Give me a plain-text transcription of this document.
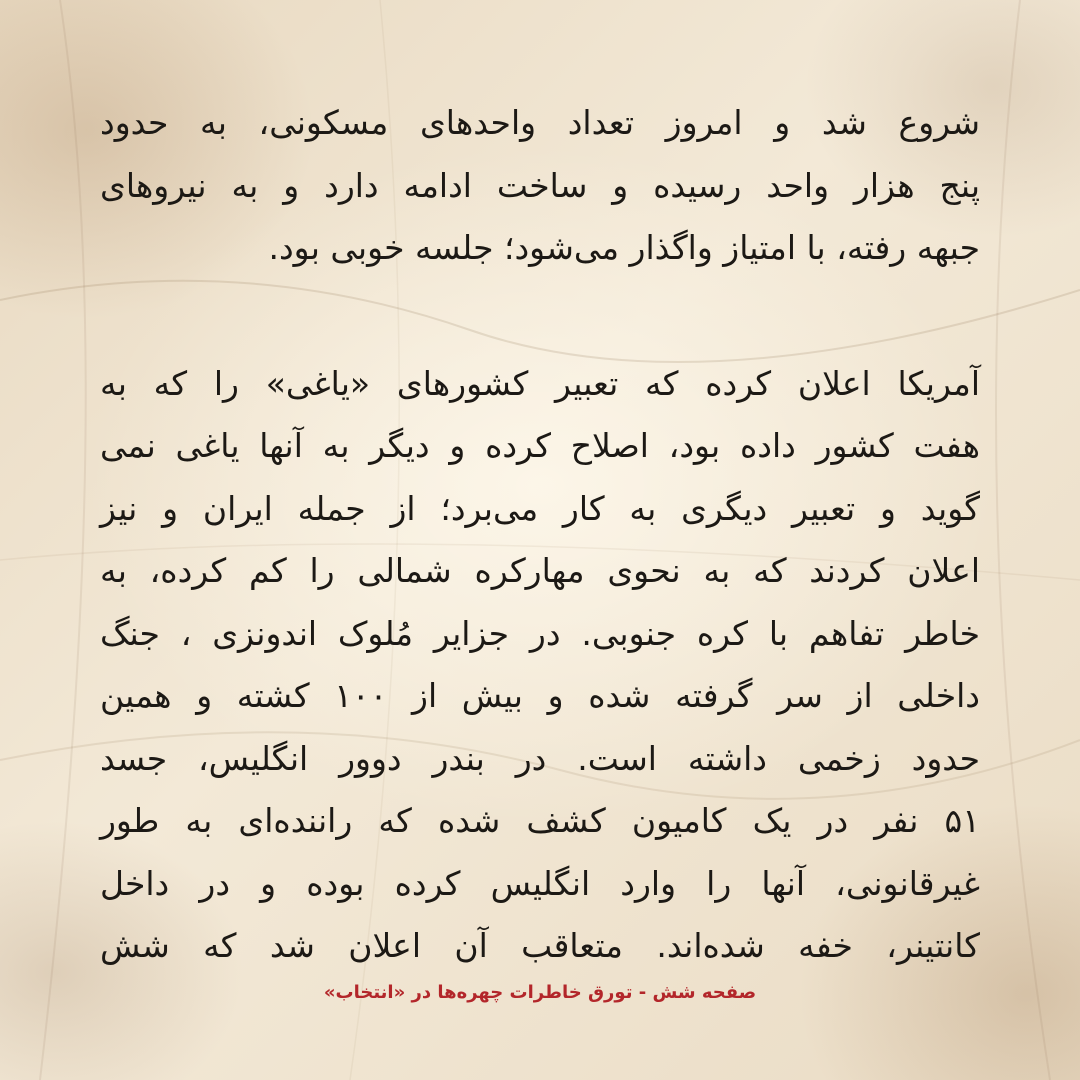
شروع شد و امروز تعداد واحدهای مسکونی، به حدود
پنج هزار واحد رسیده و ساخت ادامه دارد و به نیروهای
جبهه رفته، با امتیاز واگذار می‌شود؛ جلسه خوبی بود.
آمریکا اعلان کرده که تعبیر کشورهای «یاغی» را که به
هفت کشور داده بود، اصلاح کرده و دیگر به آنها یاغی نمی
گوید و تعبیر دیگری به کار می‌برد؛ از جمله ایران و نیز
اعلان کردند که به نحوی مهارکره شمالی را کم کرده، به
خاطر تفاهم با کره جنوبی. در جزایر مُلوک اندونزی ، جنگ
داخلی از سر گرفته شده و بیش از ۱۰۰ کشته و همین
حدود زخمی داشته است. در بندر دوور انگلیس، جسد
۵۱ نفر در یک کامیون کشف شده که راننده‌ای به طور
غیرقانونی، آنها را وارد انگلیس کرده بوده و در داخل
کانتینر، خفه شده‌اند. متعاقب آن اعلان شد که شش
صفحه شش - تورق خاطرات چهره‌ها در «انتخاب»
